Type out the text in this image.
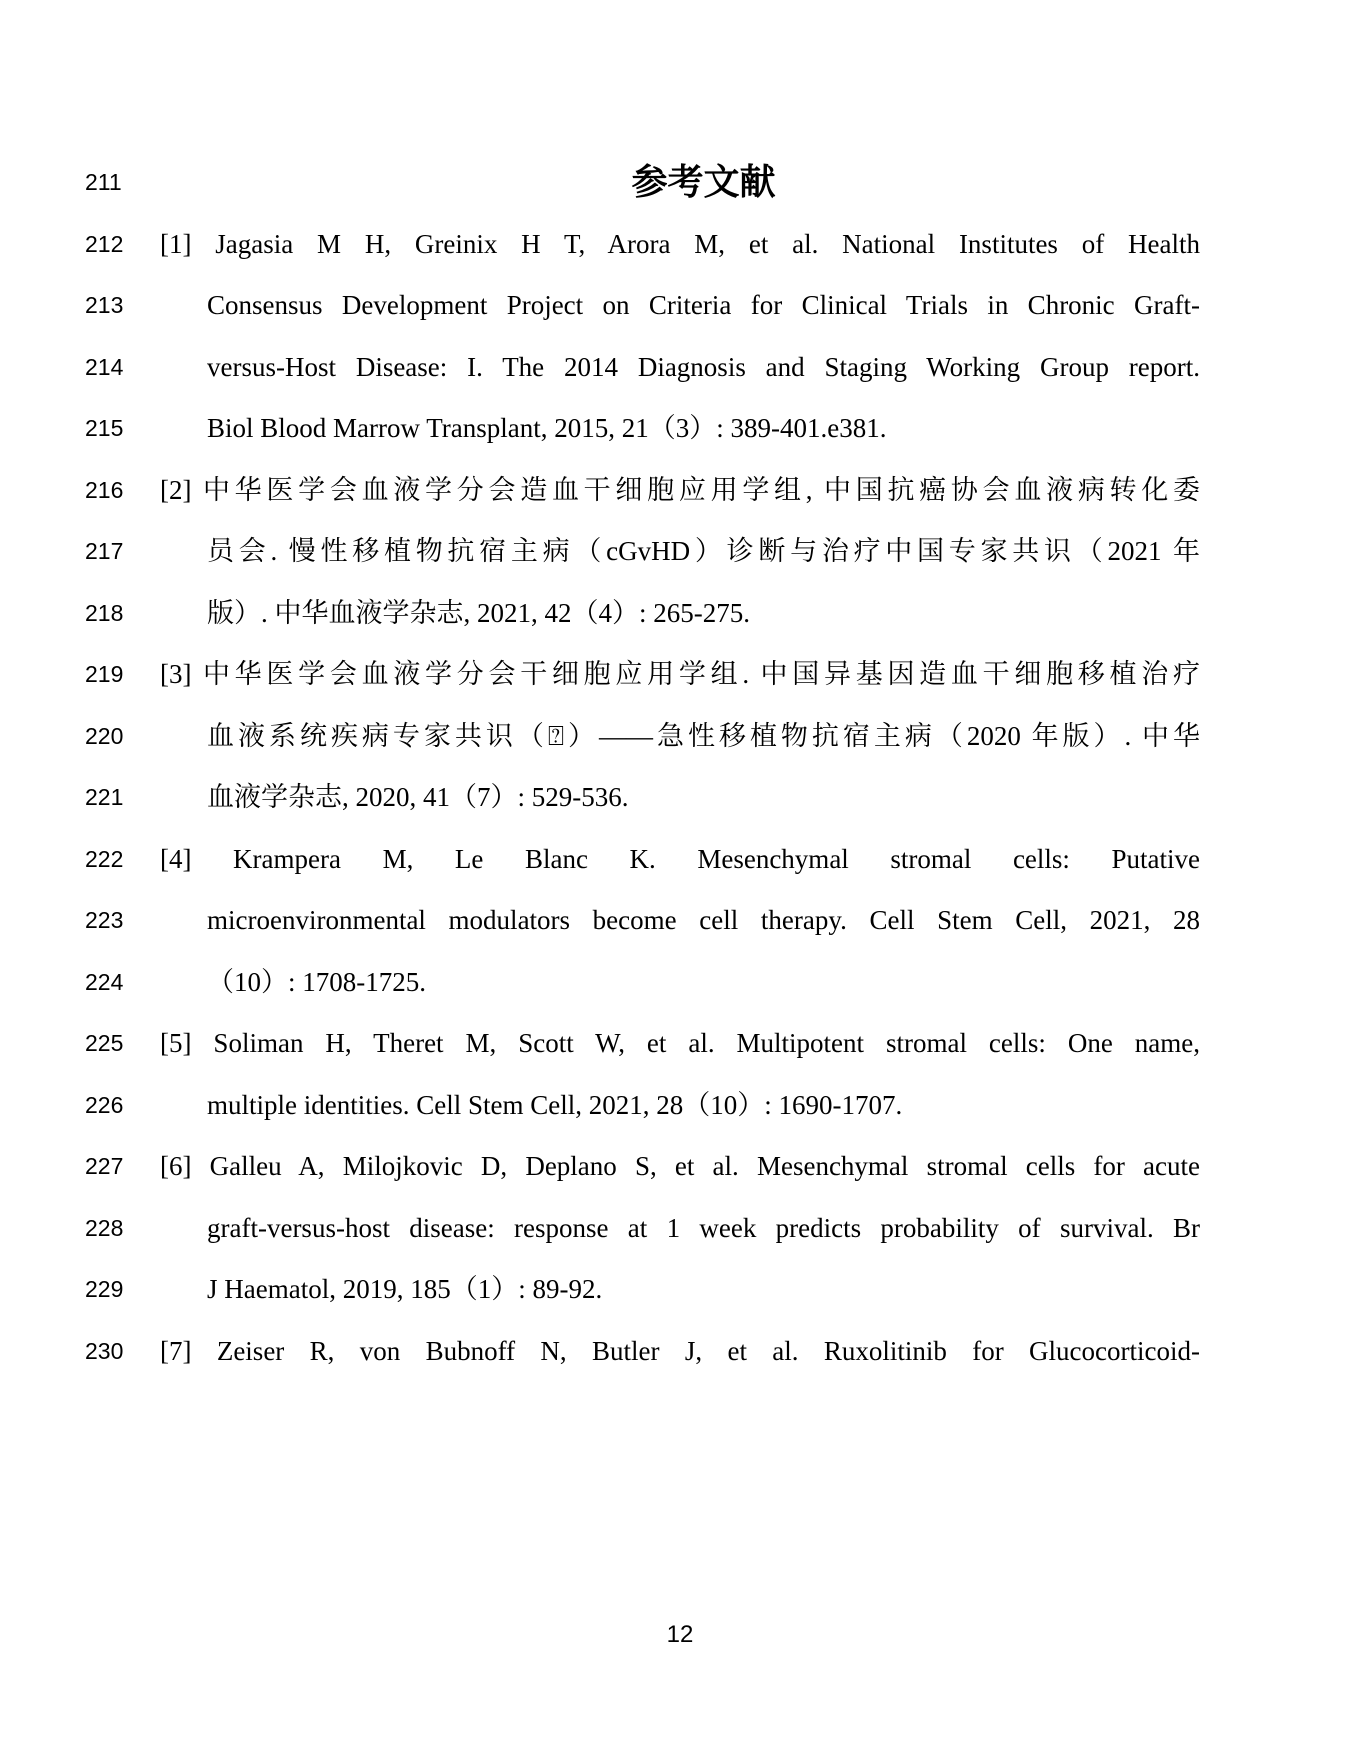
211	参考文献
212 [1] Jagasia M H, Greinix H T, Arora M, et al. National Institutes of Health
213	Consensus Development Project on Criteria for Clinical Trials in Chronic Graft-
214	versus-Host Disease: I. The 2014 Diagnosis and Staging Working Group report.
215	Biol Blood Marrow Transplant, 2015, 21（3）: 389-401.e381.
216 [2] 中华医学会血液学分会造血干细胞应用学组, 中国抗癌协会血液病转化委
217	员会. 慢性移植物抗宿主病（cGvHD）诊断与治疗中国专家共识（2021 年
218	版）. 中华血液学杂志, 2021, 42（4）: 265-275.
219 [3] 中华医学会血液学分会干细胞应用学组. 中国异基因造血干细胞移植治疗
220	血液系统疾病专家共识（⍰）——急性移植物抗宿主病（2020 年版）. 中华
221	血液学杂志, 2020, 41（7）: 529-536.
222 [4] Krampera M, Le Blanc K. Mesenchymal stromal cells: Putative
223	microenvironmental modulators become cell therapy. Cell Stem Cell, 2021, 28
224	（10）: 1708-1725.
225 [5] Soliman H, Theret M, Scott W, et al. Multipotent stromal cells: One name,
226	multiple identities. Cell Stem Cell, 2021, 28（10）: 1690-1707.
227 [6] Galleu A, Milojkovic D, Deplano S, et al. Mesenchymal stromal cells for acute
228	graft-versus-host disease: response at 1 week predicts probability of survival. Br
229	J Haematol, 2019, 185（1）: 89-92.
230 [7] Zeiser R, von Bubnoff N, Butler J, et al. Ruxolitinib for Glucocorticoid-
12
